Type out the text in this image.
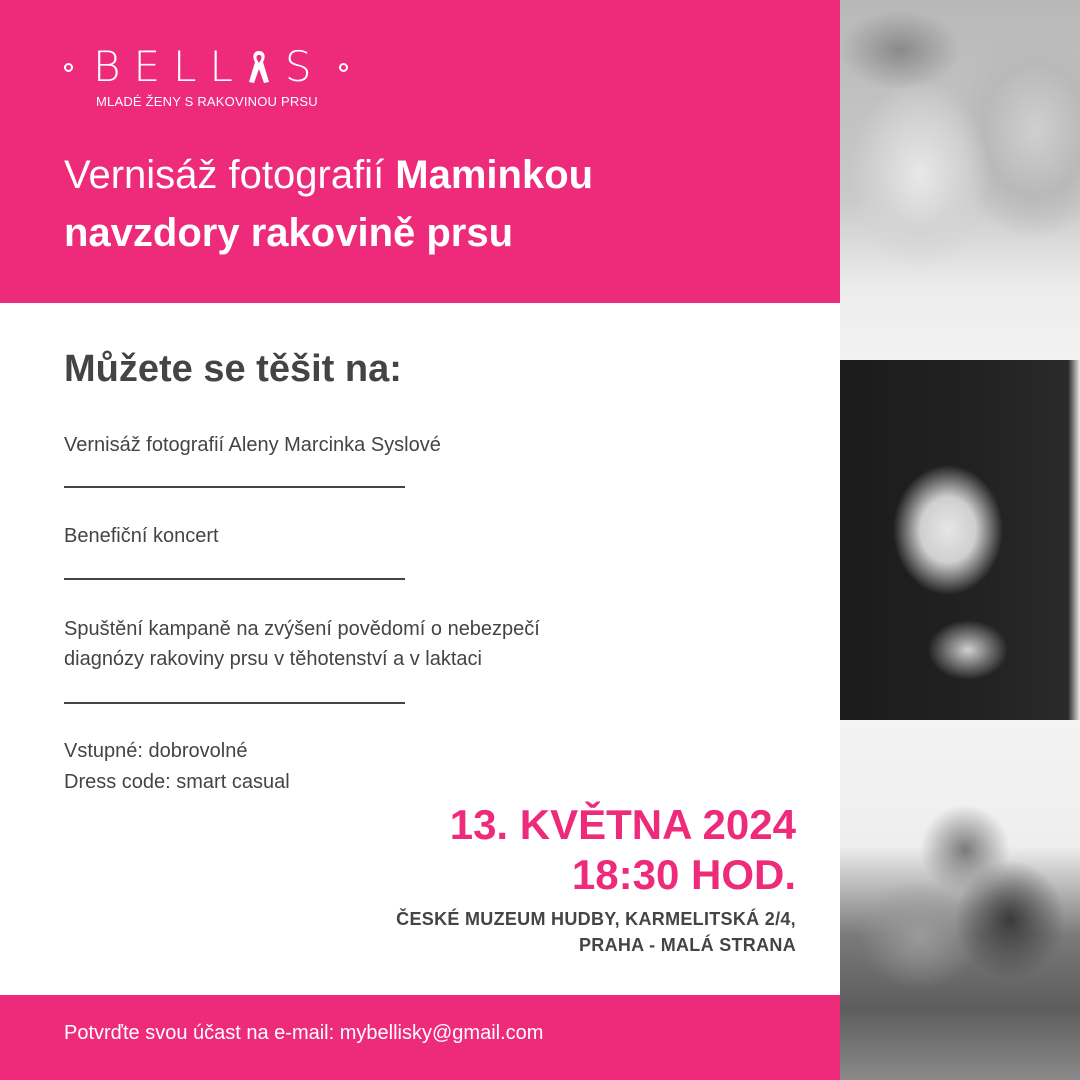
BELL S
MLADÉ ŽENY S RAKOVINOU PRSU
Vernisáž fotografií Maminkou
navzdory rakovině prsu
Můžete se těšit na:
Vernisáž fotografií Aleny Marcinka Syslové
Benefiční koncert
Spuštění kampaně na zvýšení povědomí o nebezpečí
diagnózy rakoviny prsu v těhotenství a v laktaci
Vstupné: dobrovolné
Dress code: smart casual
13. KVĚTNA 2024
18:30 HOD.
ČESKÉ MUZEUM HUDBY, KARMELITSKÁ 2/4,
PRAHA - MALÁ STRANA
Potvrďte svou účast na e-mail: mybellisky@gmail.com
